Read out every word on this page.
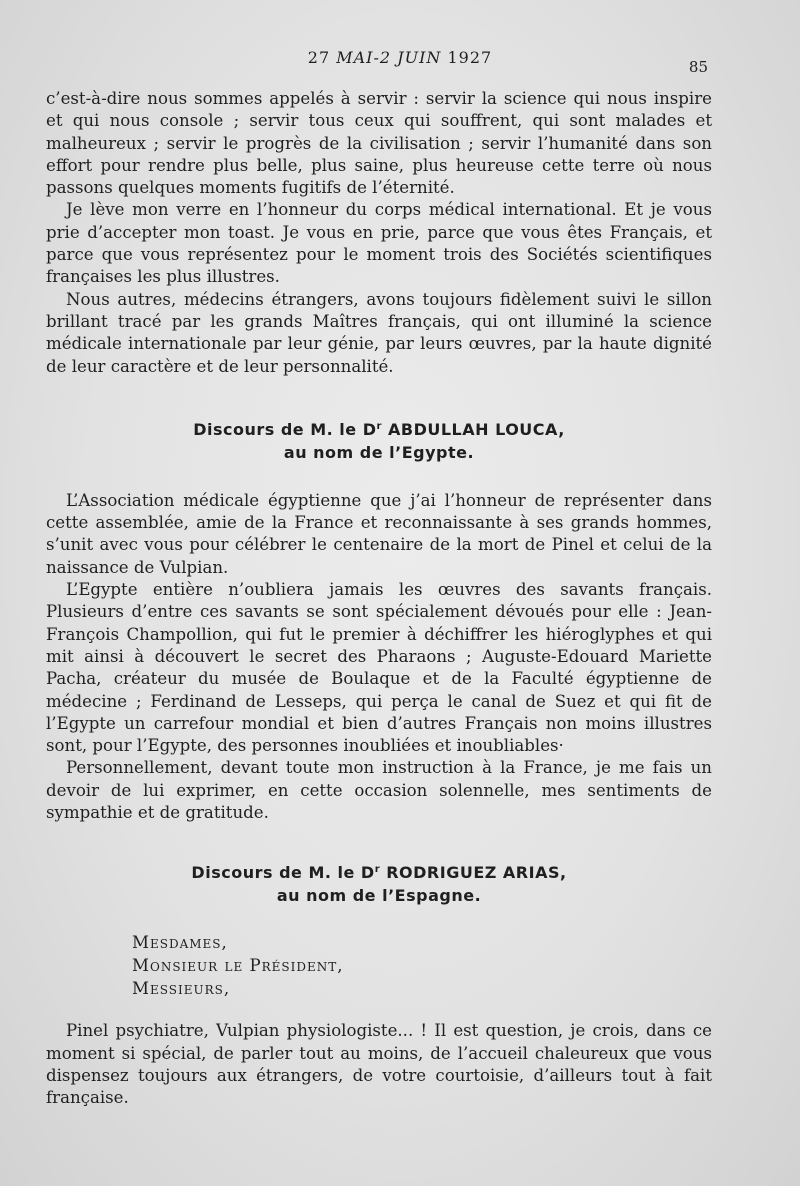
27 MAI-2 JUIN 1927	85

c’est-à-dire nous sommes appelés à servir : servir la science qui nous inspire et qui nous console ; servir tous ceux qui souffrent, qui sont malades et malheureux ; servir le progrès de la civilisation ; servir l’humanité dans son effort pour rendre plus belle, plus saine, plus heureuse cette terre où nous passons quelques moments fugitifs de l’éternité.

Je lève mon verre en l’honneur du corps médical international. Et je vous prie d’accepter mon toast. Je vous en prie, parce que vous êtes Français, et parce que vous représentez pour le moment trois des Sociétés scientifiques françaises les plus illustres.

Nous autres, médecins étrangers, avons toujours fidèlement suivi le sillon brillant tracé par les grands Maîtres français, qui ont illuminé la science médicale internationale par leur génie, par leurs œuvres, par la haute dignité de leur caractère et de leur personnalité.

Discours de M. le $D^r$ ABDULLAH LOUCA,
au nom de l’Egypte.

L’Association médicale égyptienne que j’ai l’honneur de représenter dans cette assemblée, amie de la France et reconnaissante à ses grands hommes, s’unit avec vous pour célébrer le centenaire de la mort de Pinel et celui de la naissance de Vulpian.

L’Egypte entière n’oubliera jamais les œuvres des savants français. Plusieurs d’entre ces savants se sont spécialement dévoués pour elle : Jean-François Champollion, qui fut le premier à déchiffrer les hiéroglyphes et qui mit ainsi à découvert le secret des Pharaons ; Auguste-Edouard Mariette Pacha, créateur du musée de Boulaque et de la Faculté égyptienne de médecine ; Ferdinand de Lesseps, qui perça le canal de Suez et qui fit de l’Egypte un carrefour mondial et bien d’autres Français non moins illustres sont, pour l’Egypte, des personnes inoubliées et inoubliables·

Personnellement, devant toute mon instruction à la France, je me fais un devoir de lui exprimer, en cette occasion solennelle, mes sentiments de sympathie et de gratitude.

Discours de M. le $D^r$ RODRIGUEZ ARIAS,
au nom de l’Espagne.
Mesdames,
Monsieur le Président,
Messieurs,

Pinel psychiatre, Vulpian physiologiste... ! Il est question, je crois, dans ce moment si spécial, de parler tout au moins, de l’accueil chaleureux que vous dispensez toujours aux étrangers, de votre courtoisie, d’ailleurs tout à fait française.
